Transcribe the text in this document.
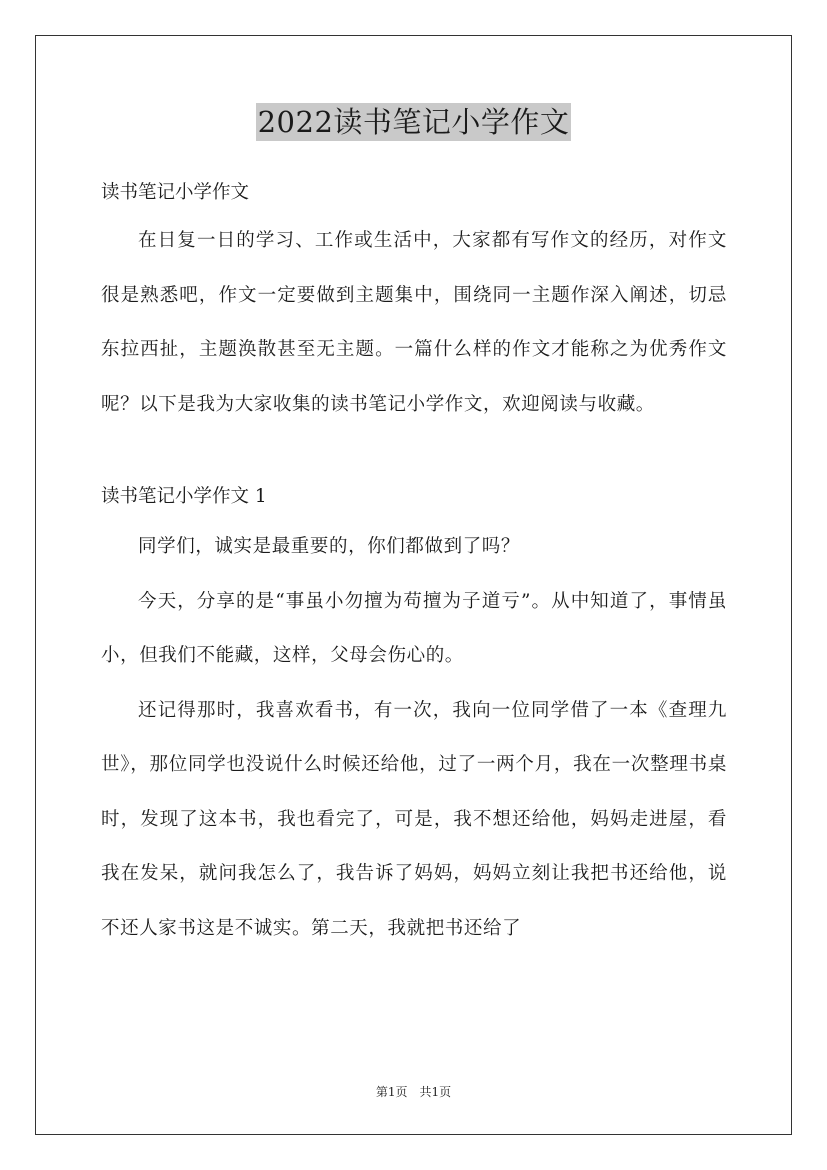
2022读书笔记小学作文

读书笔记小学作文

在日复一日的学习、工作或生活中，大家都有写作文的经历，对作文很是熟悉吧，作文一定要做到主题集中，围绕同一主题作深入阐述，切忌东拉西扯，主题涣散甚至无主题。一篇什么样的作文才能称之为优秀作文呢？以下是我为大家收集的读书笔记小学作文，欢迎阅读与收藏。

读书笔记小学作文 1

同学们，诚实是最重要的，你们都做到了吗？

今天，分享的是“事虽小勿擅为苟擅为子道亏”。从中知道了，事情虽小，但我们不能藏，这样，父母会伤心的。

还记得那时，我喜欢看书，有一次，我向一位同学借了一本《查理九世》，那位同学也没说什么时候还给他，过了一两个月，我在一次整理书桌时，发现了这本书，我也看完了，可是，我不想还给他，妈妈走进屋，看我在发呆，就问我怎么了，我告诉了妈妈，妈妈立刻让我把书还给他，说不还人家书这是不诚实。第二天，我就把书还给了

第1页　共1页
